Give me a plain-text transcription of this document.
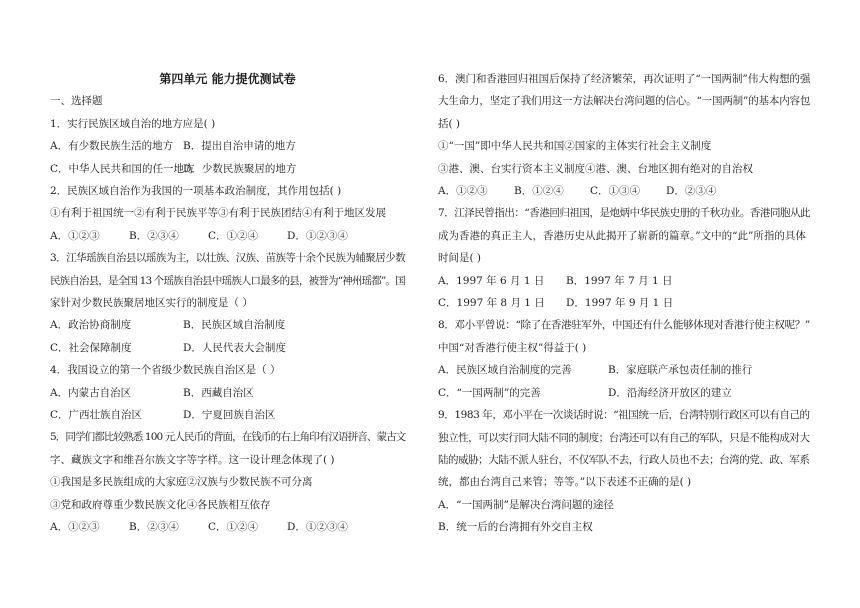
第四单元 能力提优测试卷
一、选择题
1．实行民族区域自治的地方应是( )
A．有少数民族生活的地方 B．提出自治申请的地方
C．中华人民共和国的任一地方D．少数民族聚居的地方
2．民族区域自治作为我国的一项基本政治制度，其作用包括( )
①有利于祖国统一②有利于民族平等③有利于民族团结④有利于地区发展
A．①②③	B．②③④	C．①②④	D．①②③④
3．江华瑶族自治县以瑶族为主，以壮族、汉族、苗族等十余个民族为辅聚居少数
民族自治县，是全国 13 个瑶族自治县中瑶族人口最多的县，被誉为“神州瑶都”。国
家针对少数民族聚居地区实行的制度是（ ）
A．政治协商制度	B．民族区域自治制度
C．社会保障制度	D．人民代表大会制度
4．我国设立的第一个省级少数民族自治区是（ ）
A．内蒙古自治区	B．西藏自治区
C．广西壮族自治区	D．宁夏回族自治区
5．同学们都比较熟悉 100 元人民币的背面，在钱币的右上角印有汉语拼音、蒙古文
字、藏族文字和维吾尔族文字等字样。这一设计理念体现了( )
①我国是多民族组成的大家庭②汉族与少数民族不可分离
③党和政府尊重少数民族文化④各民族相互依存
A．①②③	B．②③④	C．①②④	D．①②③④
6．澳门和香港回归祖国后保持了经济繁荣，再次证明了“一国两制”伟大构想的强
大生命力，坚定了我们用这一方法解决台湾问题的信心。“一国两制”的基本内容包
括( )
①“一国”即中华人民共和国②国家的主体实行社会主义制度
③港、澳、台实行资本主义制度④港、澳、台地区拥有绝对的自治权
A．①②③	B．①②④	C．①③④ D．②③④
7．江泽民曾指出：“香港回归祖国，是炮炳中华民族史册的千秋功业。香港同胞从此
成为香港的真正主人，香港历史从此揭开了崭新的篇章。”文中的“此”所指的具体
时间是( )
A．1997 年 6 月 1 日 B．1997 年 7 月 1 日
C．1997 年 8 月 1 日 D．1997 年 9 月 1 日
8．邓小平曾说：“除了在香港驻军外，中国还有什么能够体现对香港行使主权呢？”
中国“对香港行使主权”得益于( )
A．民族区域自治制度的完善	B．家庭联产承包责任制的推行
C．“一国两制”的完善	D．沿海经济开放区的建立
9．1983 年，邓小平在一次谈话时说：“祖国统一后，台湾特别行政区可以有自己的
独立性，可以实行同大陆不同的制度；台湾还可以有自己的军队，只是不能构成对大
陆的威胁；大陆不派人驻台，不仅军队不去，行政人员也不去；台湾的党、政、军系
统，都由台湾自己来管；等等。”以下表述不正确的是( )
A．“一国两制”是解决台湾问题的途径
B．统一后的台湾拥有外交自主权
